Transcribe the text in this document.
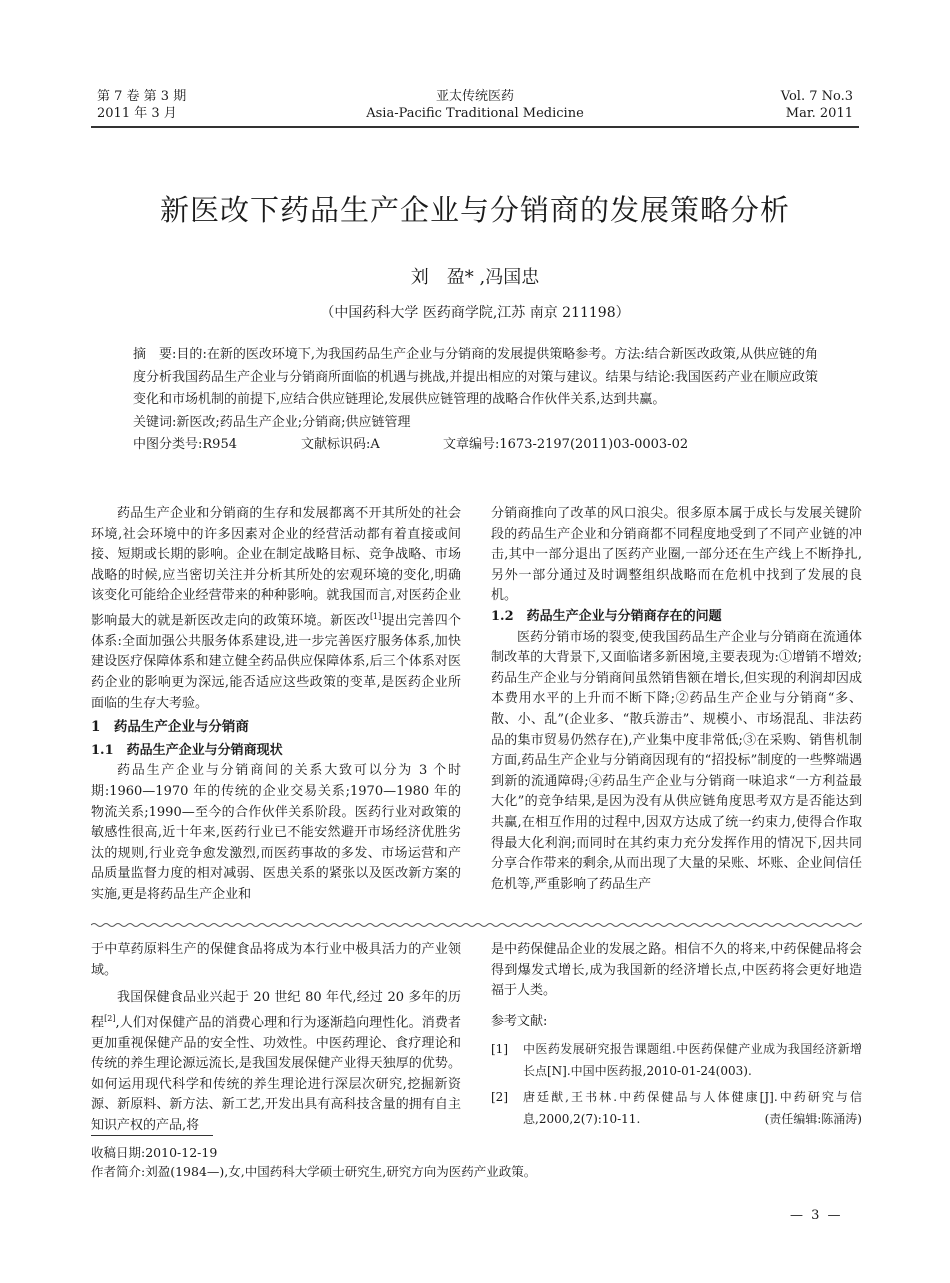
第 7 卷 第 3 期
2011 年 3 月
亚太传统医药
Asia-Pacific Traditional Medicine
Vol. 7 No.3
Mar. 2011
新医改下药品生产企业与分销商的发展策略分析
刘　盈* ,冯国忠
（中国药科大学 医药商学院,江苏 南京 211198）

摘　要:目的:在新的医改环境下,为我国药品生产企业与分销商的发展提供策略参考。方法:结合新医改政策,从供应链的角度分析我国药品生产企业与分销商所面临的机遇与挑战,并提出相应的对策与建议。结果与结论:我国医药产业在顺应政策变化和市场机制的前提下,应结合供应链理论,发展供应链管理的战略合作伙伴关系,达到共赢。

关键词:新医改;药品生产企业;分销商;供应链管理

中图分类号:R954	文献标识码:A	文章编号:1673-2197(2011)03-0003-02

药品生产企业和分销商的生存和发展都离不开其所处的社会环境,社会环境中的许多因素对企业的经营活动都有着直接或间接、短期或长期的影响。企业在制定战略目标、竞争战略、市场战略的时候,应当密切关注并分析其所处的宏观环境的变化,明确该变化可能给企业经营带来的种种影响。就我国而言,对医药企业影响最大的就是新医改走向的政策环境。新医改[1]提出完善四个体系:全面加强公共服务体系建设,进一步完善医疗服务体系,加快建设医疗保障体系和建立健全药品供应保障体系,后三个体系对医药企业的影响更为深远,能否适应这些政策的变革,是医药企业所面临的生存大考验。

1　药品生产企业与分销商
1.1　药品生产企业与分销商现状

药品生产企业与分销商间的关系大致可以分为 3 个时期:1960—1970 年的传统的企业交易关系;1970—1980 年的物流关系;1990—至今的合作伙伴关系阶段。医药行业对政策的敏感性很高,近十年来,医药行业已不能安然避开市场经济优胜劣汰的规则,行业竞争愈发激烈,而医药事故的多发、市场运营和产品质量监督力度的相对减弱、医患关系的紧张以及医改新方案的实施,更是将药品生产企业和

分销商推向了改革的风口浪尖。很多原本属于成长与发展关键阶段的药品生产企业和分销商都不同程度地受到了不同产业链的冲击,其中一部分退出了医药产业圈,一部分还在生产线上不断挣扎,另外一部分通过及时调整组织战略而在危机中找到了发展的良机。

1.2　药品生产企业与分销商存在的问题

医药分销市场的裂变,使我国药品生产企业与分销商在流通体制改革的大背景下,又面临诸多新困境,主要表现为:①增销不增效;药品生产企业与分销商间虽然销售额在增长,但实现的利润却因成本费用水平的上升而不断下降;②药品生产企业与分销商“多、散、小、乱”(企业多、“散兵游击”、规模小、市场混乱、非法药品的集市贸易仍然存在),产业集中度非常低;③在采购、销售机制方面,药品生产企业与分销商因现有的“招投标”制度的一些弊端遇到新的流通障碍;④药品生产企业与分销商一味追求“一方利益最大化”的竞争结果,是因为没有从供应链角度思考双方是否能达到共赢,在相互作用的过程中,因双方达成了统一约束力,使得合作取得最大化利润;而同时在其约束力充分发挥作用的情况下,因共同分享合作带来的剩余,从而出现了大量的呆账、坏账、企业间信任危机等,严重影响了药品生产

于中草药原料生产的保健食品将成为本行业中极具活力的产业领域。

我国保健食品业兴起于 20 世纪 80 年代,经过 20 多年的历程[2],人们对保健产品的消费心理和行为逐渐趋向理性化。消费者更加重视保健产品的安全性、功效性。中医药理论、食疗理论和传统的养生理论源远流长,是我国发展保健产业得天独厚的优势。如何运用现代科学和传统的养生理论进行深层次研究,挖掘新资源、新原料、新方法、新工艺,开发出具有高科技含量的拥有自主知识产权的产品,将

是中药保健品企业的发展之路。相信不久的将来,中药保健品将会得到爆发式增长,成为我国新的经济增长点,中医药将会更好地造福于人类。

参考文献:
[1]	中医药发展研究报告课题组.中医药保健产业成为我国经济新增长点[N].中国中医药报,2010-01-24(003).
[2]	唐廷猷,王书林.中药保健品与人体健康[J].中药研究与信息,2000,2(7):10-11.	(责任编辑:陈涌涛)
收稿日期:2010-12-19
作者简介:刘盈(1984—),女,中国药科大学硕士研究生,研究方向为医药产业政策。
— 3 —
